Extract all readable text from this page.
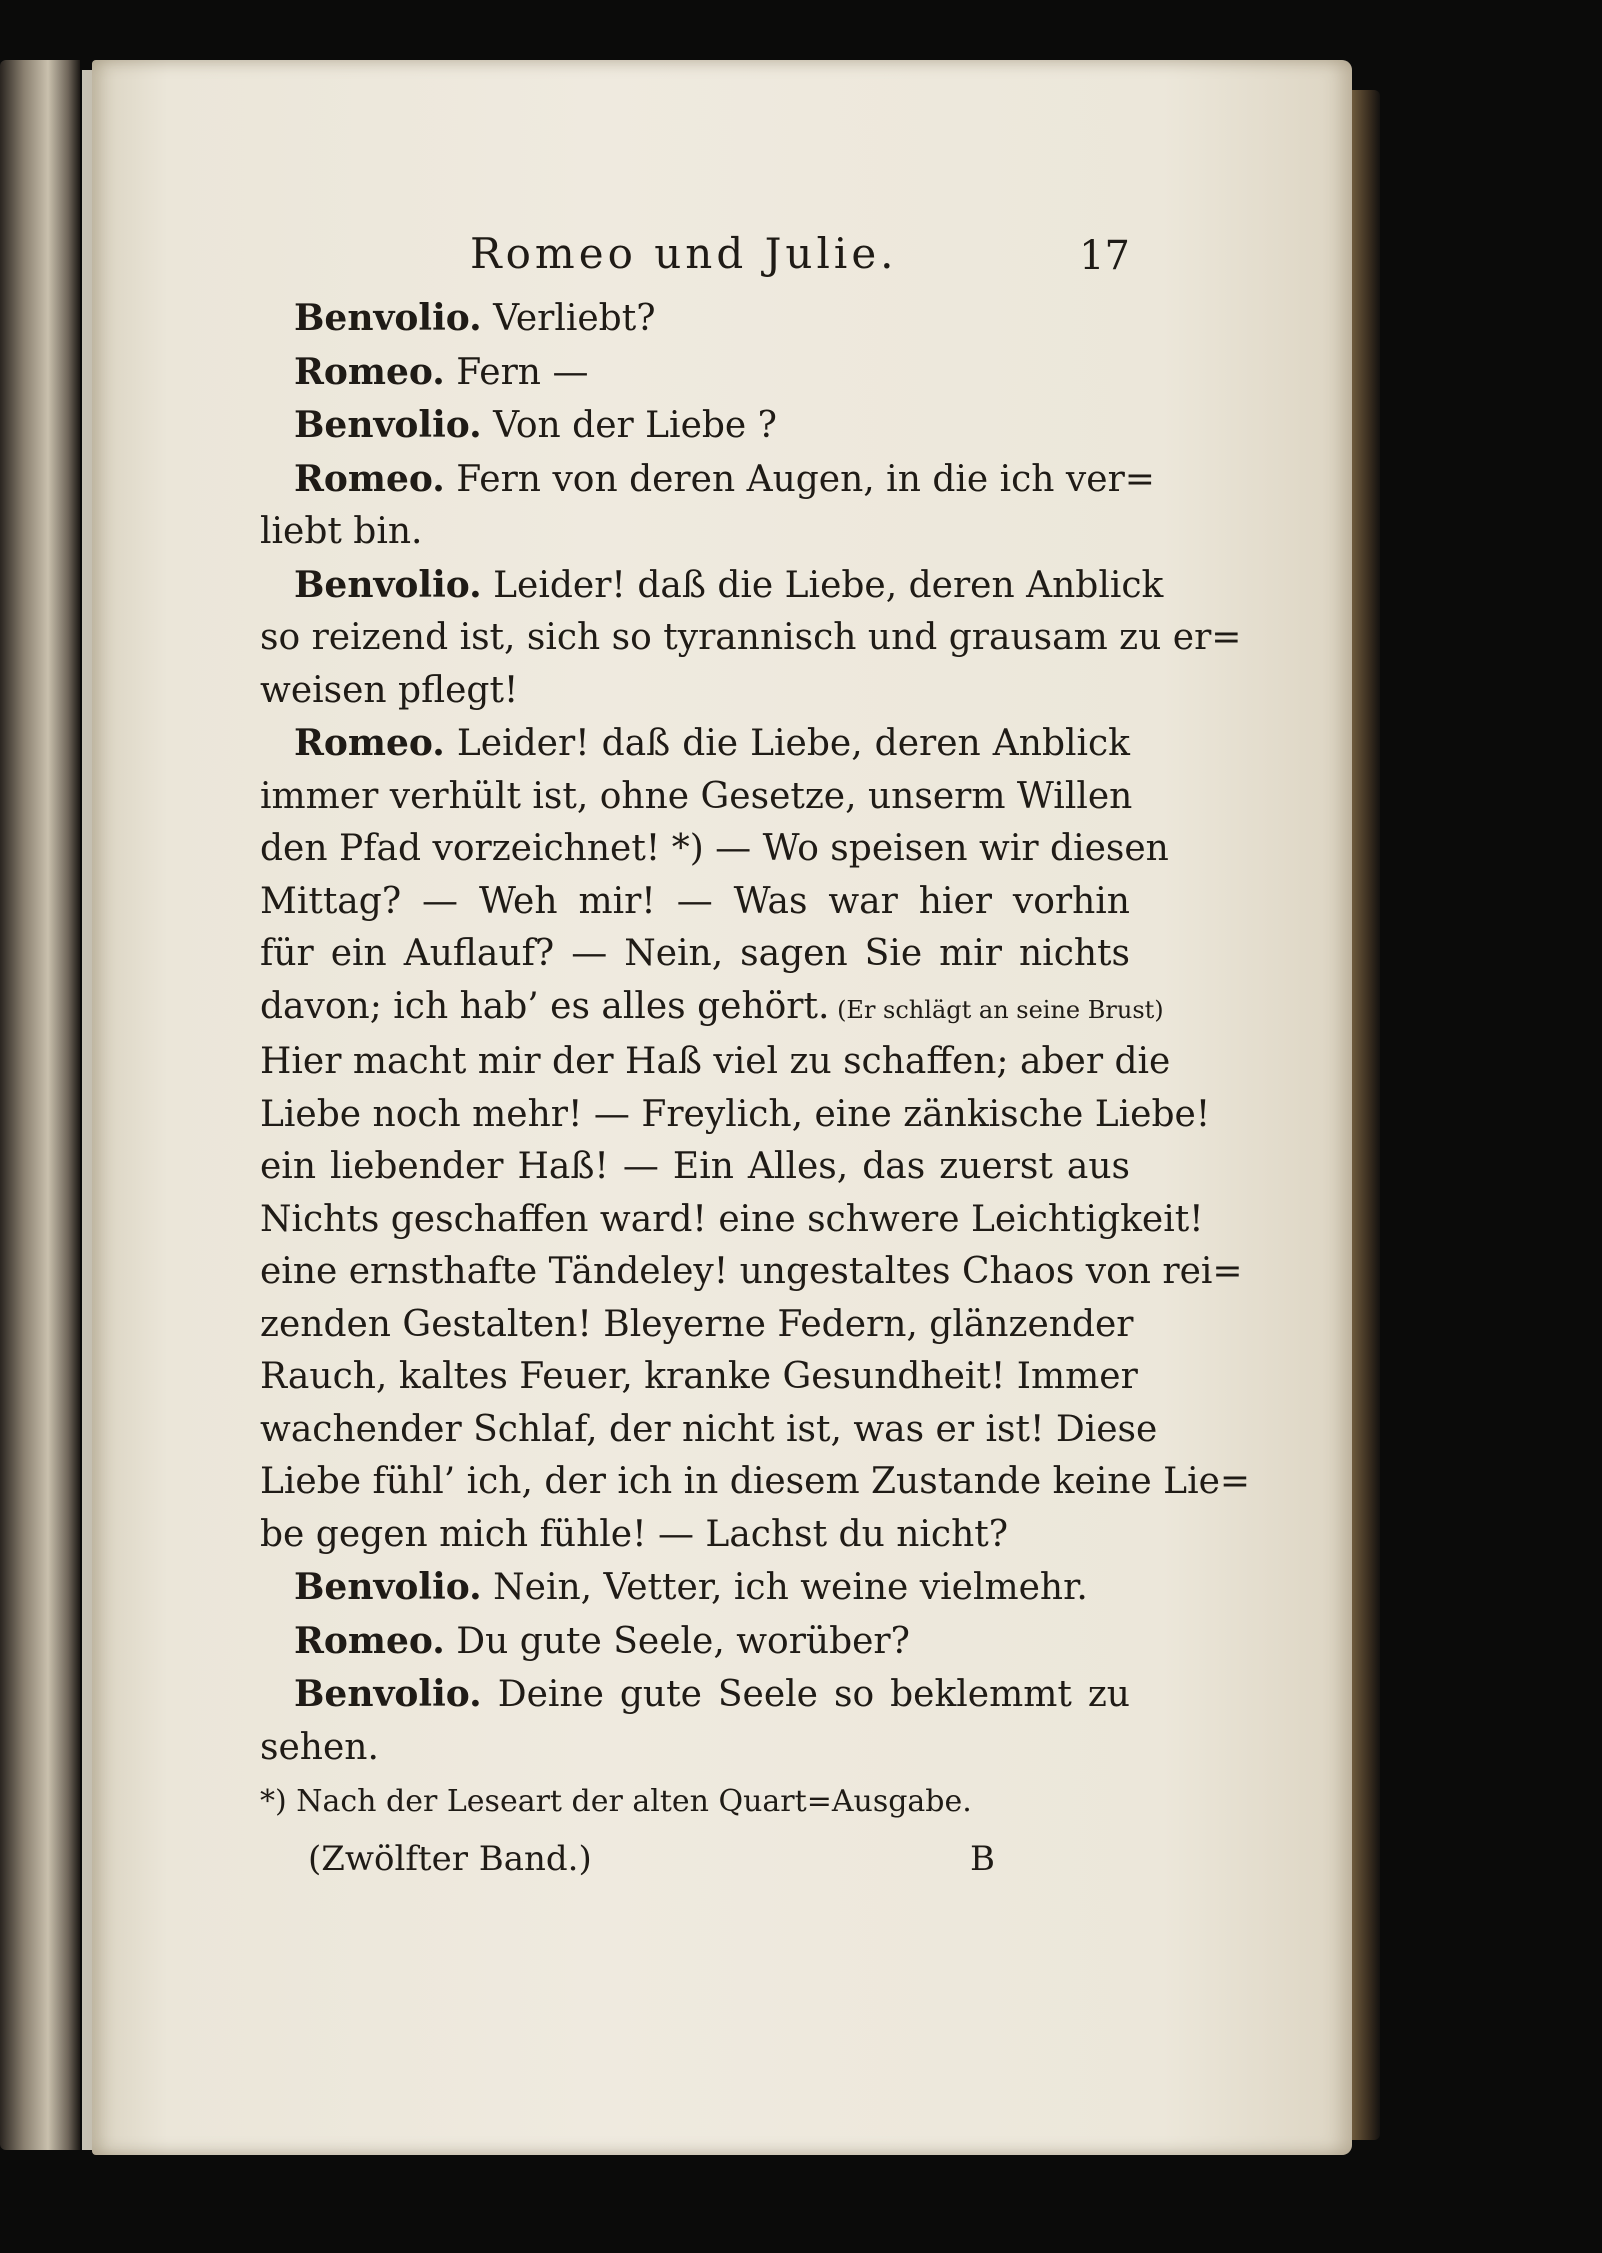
Romeo und Julie.	17
Benvolio. Verliebt?
Romeo. Fern —
Benvolio. Von der Liebe ?
Romeo. Fern von deren Augen, in die ich ver=
liebt bin.
Benvolio. Leider! daß die Liebe, deren Anblick
so reizend ist, sich so tyrannisch und grausam zu er=
weisen pflegt!
Romeo. Leider! daß die Liebe, deren Anblick
immer verhült ist, ohne Gesetze, unserm Willen
den Pfad vorzeichnet! *) — Wo speisen wir diesen
Mittag? — Weh mir! — Was war hier vorhin
für ein Auflauf? — Nein, sagen Sie mir nichts
davon; ich hab’ es alles gehört. (Er schlägt an seine Brust)
Hier macht mir der Haß viel zu schaffen; aber die
Liebe noch mehr! — Freylich, eine zänkische Liebe!
ein liebender Haß! — Ein Alles, das zuerst aus
Nichts geschaffen ward! eine schwere Leichtigkeit!
eine ernsthafte Tändeley! ungestaltes Chaos von rei=
zenden Gestalten! Bleyerne Federn, glänzender
Rauch, kaltes Feuer, kranke Gesundheit! Immer
wachender Schlaf, der nicht ist, was er ist! Diese
Liebe fühl’ ich, der ich in diesem Zustande keine Lie=
be gegen mich fühle! — Lachst du nicht?
Benvolio. Nein, Vetter, ich weine vielmehr.
Romeo. Du gute Seele, worüber?
Benvolio. Deine gute Seele so beklemmt zu
sehen.
*) Nach der Leseart der alten Quart=Ausgabe.
(Zwölfter Band.)	B
